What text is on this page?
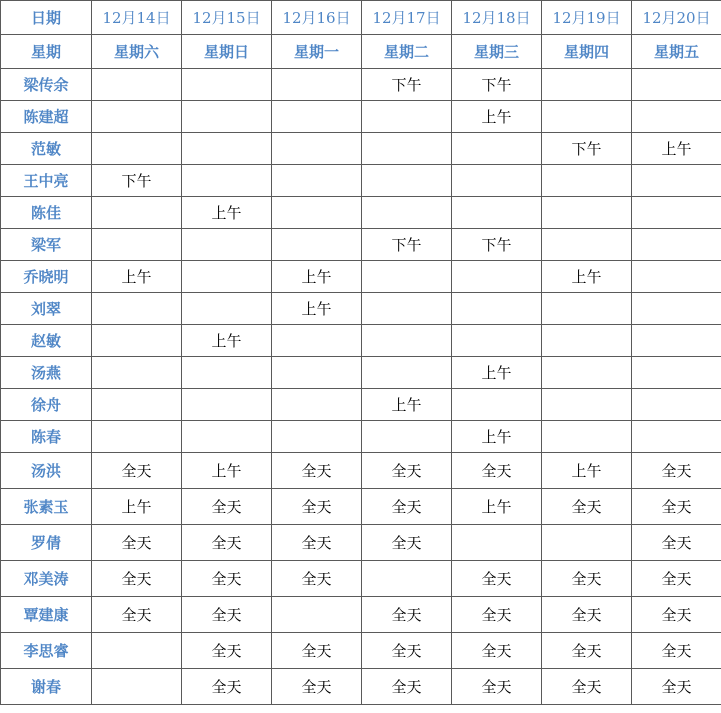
日期	12月14日	12月15日	12月16日	12月17日	12月18日	12月19日	12月20日
星期	星期六	星期日	星期一	星期二	星期三	星期四	星期五
梁传余				下午	下午		
陈建超					上午		
范敏						下午	上午
王中亮	下午						
陈佳		上午					
梁军				下午	下午		
乔晓明	上午		上午			上午	
刘翠			上午				
赵敏		上午					
汤燕					上午		
徐舟				上午			
陈春					上午		
汤洪	全天	上午	全天	全天	全天	上午	全天
张素玉	上午	全天	全天	全天	上午	全天	全天
罗倩	全天	全天	全天	全天			全天
邓美涛	全天	全天	全天		全天	全天	全天
覃建康	全天	全天		全天	全天	全天	全天
李思睿		全天	全天	全天	全天	全天	全天
谢春		全天	全天	全天	全天	全天	全天
